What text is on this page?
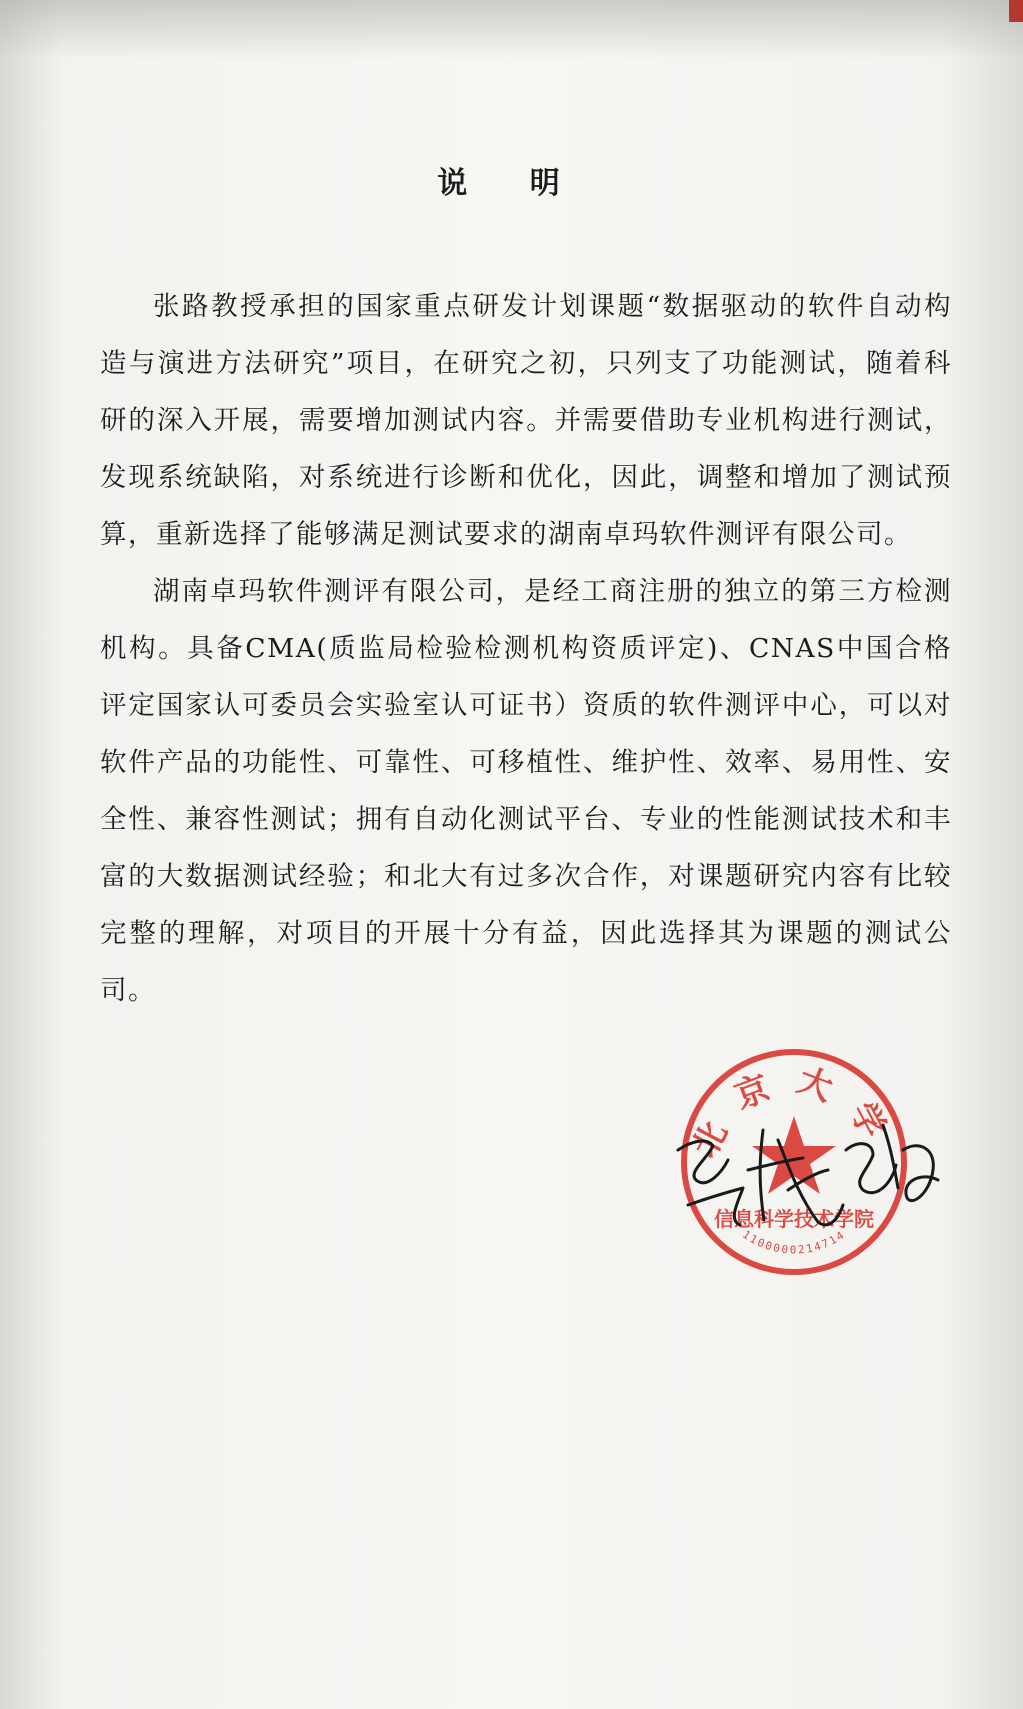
说 明

张路教授承担的国家重点研发计划课题“数据驱动的软件自动构造与演进方法研究”项目，在研究之初，只列支了功能测试，随着科研的深入开展，需要增加测试内容。并需要借助专业机构进行测试，发现系统缺陷，对系统进行诊断和优化，因此，调整和增加了测试预算，重新选择了能够满足测试要求的湖南卓玛软件测评有限公司。

湖南卓玛软件测评有限公司，是经工商注册的独立的第三方检测机构。具备CMA(质监局检验检测机构资质评定)、CNAS中国合格评定国家认可委员会实验室认可证书）资质的软件测评中心，可以对软件产品的功能性、可靠性、可移植性、维护性、效率、易用性、安全性、兼容性测试；拥有自动化测试平台、专业的性能测试技术和丰富的大数据测试经验；和北大有过多次合作，对课题研究内容有比较完整的理解，对项目的开展十分有益，因此选择其为课题的测试公司。

北京大学
信息科学技术学院
1100000214714
